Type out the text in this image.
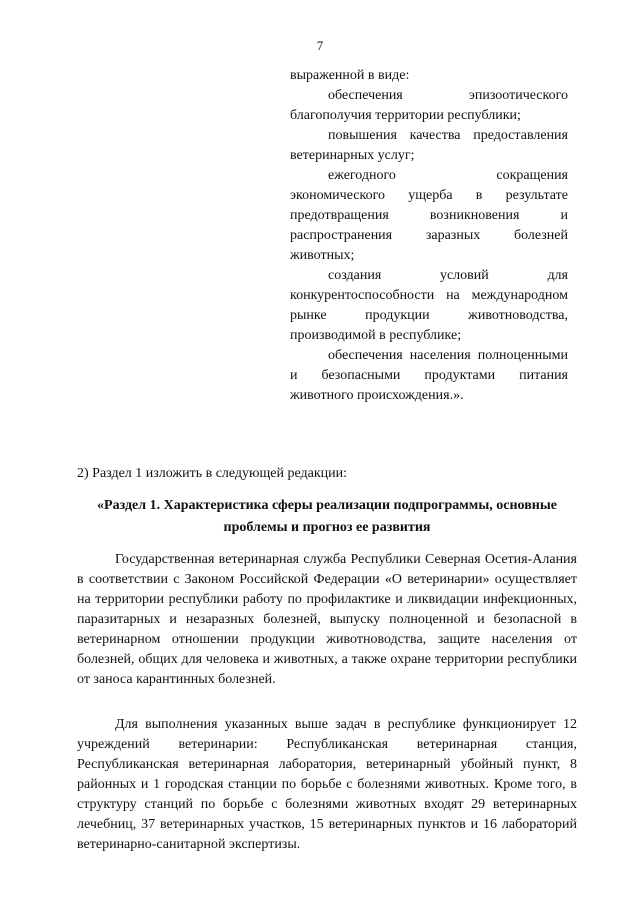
7

выраженной в виде:

обеспечения эпизоотического благополучия территории республики;

повышения качества предоставления ветеринарных услуг;

ежегодного сокращения экономического ущерба в результате предотвращения возникновения и распространения заразных болезней животных;

создания условий для конкурентоспособности на международном рынке продукции животноводства, производимой в республике;

обеспечения населения полноценными и безопасными продуктами питания животного происхождения.».

2) Раздел 1 изложить в следующей редакции:
«Раздел 1. Характеристика сферы реализации подпрограммы, основные проблемы и прогноз ее развития

Государственная ветеринарная служба Республики Северная Осетия-Алания в соответствии с Законом Российской Федерации «О ветеринарии» осуществляет на территории республики работу по профилактике и ликвидации инфекционных, паразитарных и незаразных болезней, выпуску полноценной и безопасной в ветеринарном отношении продукции животноводства, защите населения от болезней, общих для человека и животных, а также охране территории республики от заноса карантинных болезней.

Для выполнения указанных выше задач в республике функционирует 12 учреждений ветеринарии: Республиканская ветеринарная станция, Республиканская ветеринарная лаборатория, ветеринарный убойный пункт, 8 районных и 1 городская станции по борьбе с болезнями животных. Кроме того, в структуру станций по борьбе с болезнями животных входят 29 ветеринарных лечебниц, 37 ветеринарных участков, 15 ветеринарных пунктов и 16 лабораторий ветеринарно-санитарной экспертизы.
